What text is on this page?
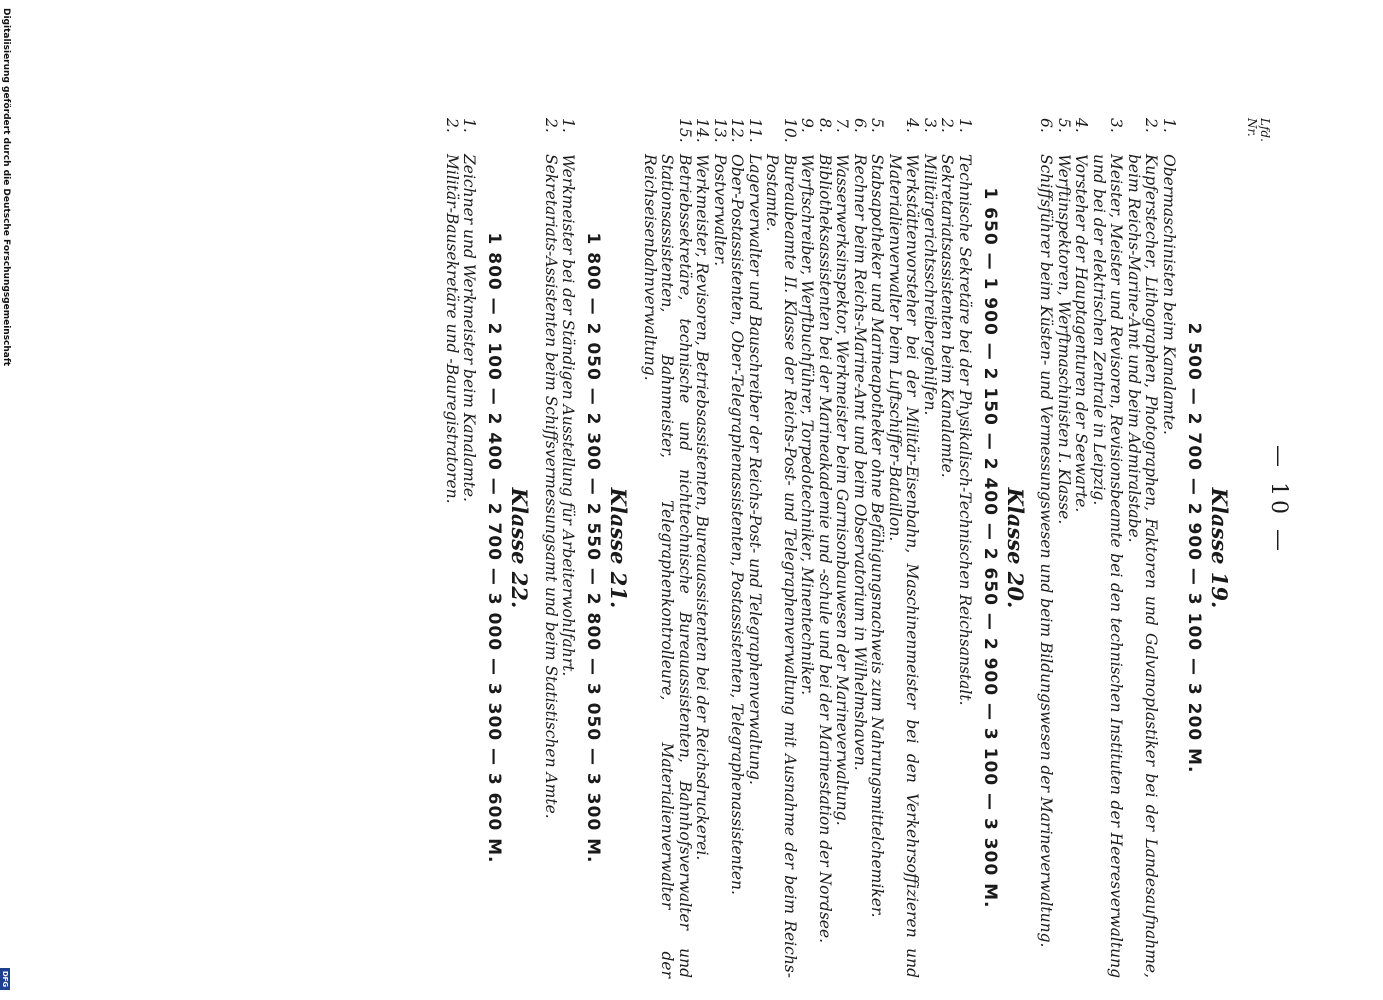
— 10 —
Lfd.
Nr.
Klasse 19.
2 500 — 2 700 — 2 900 — 3 100 — 3 200 M.
1.
Obermaschinisten beim Kanalamte.
2.
Kupferstecher, Lithographen, Photographen, Faktoren und Galvanoplastiker bei der Landesaufnahme, beim Reichs-Marine-Amt und beim Admiralstabe.
3.
Meister, Meister und Revisoren, Revisionsbeamte bei den technischen Instituten der Heeresverwaltung und bei der elektrischen Zentrale in Leipzig.
4.
Vorsteher der Hauptagenturen der Seewarte.
5.
Werftinspektoren, Werftmaschinisten I. Klasse.
6.
Schiffsführer beim Küsten- und Vermessungswesen und beim Bildungswesen der Marineverwaltung.
Klasse 20.
1 650 — 1 900 — 2 150 — 2 400 — 2 650 — 2 900 — 3 100 — 3 300 M.
1.
Technische Sekretäre bei der Physikalisch-Technischen Reichsanstalt.
2.
Sekretariatsassistenten beim Kanalamte.
3.
Militärgerichtsschreibergehilfen.
4.
Werkstättenvorsteher bei der Militär-Eisenbahn, Maschinenmeister bei den Verkehrsoffizieren und Materialienverwalter beim Luftschiffer-Bataillon.
5.
Stabsapotheker und Marineapotheker ohne Befähigungsnachweis zum Nahrungsmittelchemiker.
6.
Rechner beim Reichs-Marine-Amt und beim Observatorium in Wilhelmshaven.
7.
Wasserwerksinspektor, Werkmeister beim Garnisonbauwesen der Marineverwaltung.
8.
Bibliotheksassistenten bei der Marineakademie und -schule und bei der Marinestation der Nordsee.
9.
Werftschreiber, Werftbuchführer, Torpedotechniker, Minentechniker.
10.
Bureaubeamte II. Klasse der Reichs-Post- und Telegraphenverwaltung mit Ausnahme der beim Reichs-Postamte.
11.
Lagerverwalter und Bauschreiber der Reichs-Post- und Telegraphenverwaltung.
12.
Ober-Postassistenten, Ober-Telegraphenassistenten, Postassistenten, Telegraphenassistenten.
13.
Postverwalter.
14.
Werkmeister, Revisoren, Betriebsassistenten, Bureauassistenten bei der Reichsdruckerei.
15.
Betriebssekretäre, technische und nichttechnische Bureauassistenten, Bahnhofsverwalter und Stationsassistenten, Bahnmeister, Telegraphenkontrolleure, Materialienverwalter der Reichseisenbahnverwaltung.
Klasse 21.
1 800 — 2 050 — 2 300 — 2 550 — 2 800 — 3 050 — 3 300 M.
1.
Werkmeister bei der Ständigen Ausstellung für Arbeiterwohlfahrt.
2.
Sekretariats-Assistenten beim Schiffsvermessungsamt und beim Statistischen Amte.
Klasse 22.
1 800 — 2 100 — 2 400 — 2 700 — 3 000 — 3 300 — 3 600 M.
1.
Zeichner und Werkmeister beim Kanalamte.
2.
Militär-Bausekretäre und -Bauregistratoren.
Digitalisierung gefördert durch die Deutsche Forschungsgemeinschaft
DFG
